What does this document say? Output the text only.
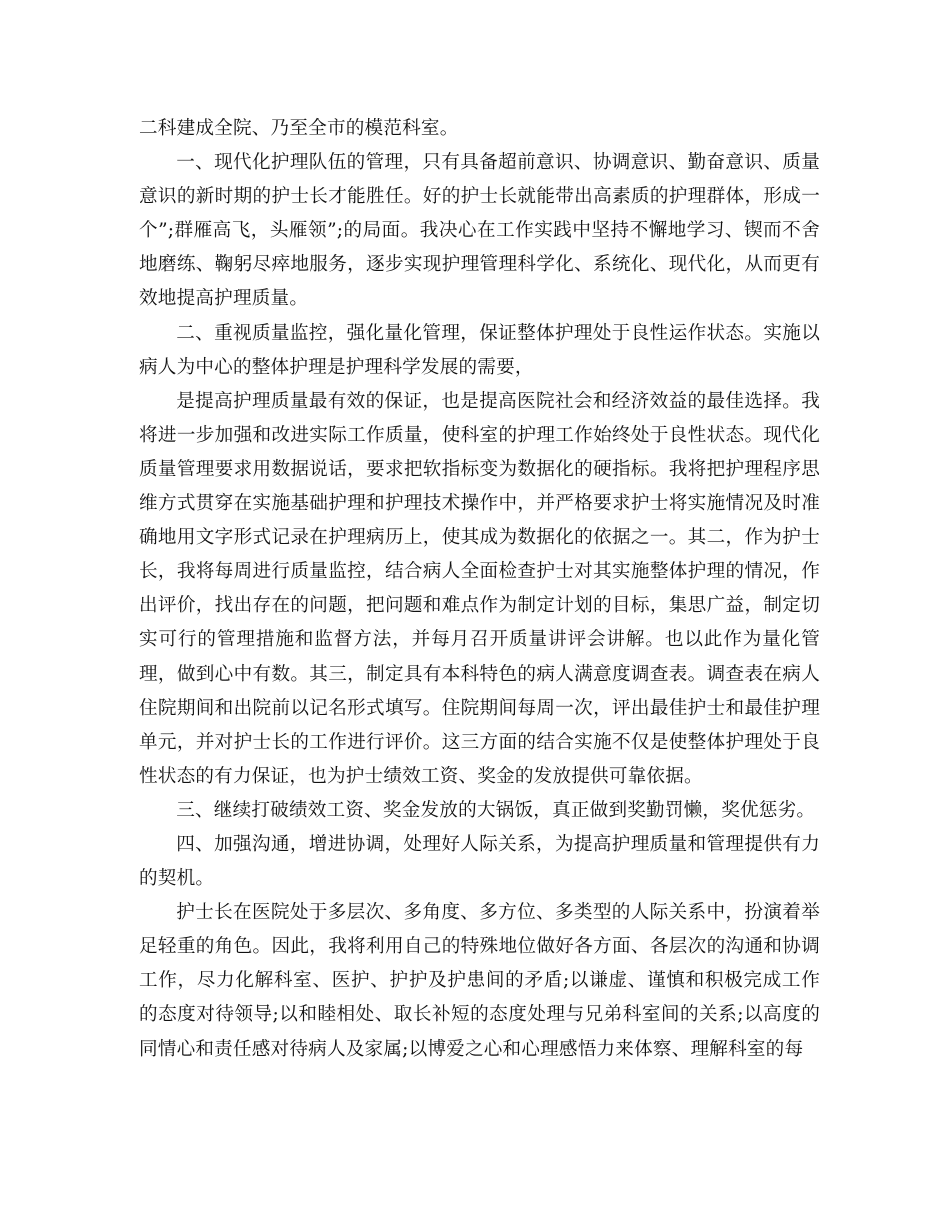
二科建成全院、乃至全市的模范科室。

一、现代化护理队伍的管理，只有具备超前意识、协调意识、勤奋意识、质量意识的新时期的护士长才能胜任。好的护士长就能带出高素质的护理群体，形成一个”;群雁高飞，头雁领”;的局面。我决心在工作实践中坚持不懈地学习、锲而不舍地磨练、鞠躬尽瘁地服务，逐步实现护理管理科学化、系统化、现代化，从而更有效地提高护理质量。

二、重视质量监控，强化量化管理，保证整体护理处于良性运作状态。实施以病人为中心的整体护理是护理科学发展的需要，

是提高护理质量最有效的保证，也是提高医院社会和经济效益的最佳选择。我将进一步加强和改进实际工作质量，使科室的护理工作始终处于良性状态。现代化质量管理要求用数据说话，要求把软指标变为数据化的硬指标。我将把护理程序思维方式贯穿在实施基础护理和护理技术操作中，并严格要求护士将实施情况及时准确地用文字形式记录在护理病历上，使其成为数据化的依据之一。其二，作为护士长，我将每周进行质量监控，结合病人全面检查护士对其实施整体护理的情况，作出评价，找出存在的问题，把问题和难点作为制定计划的目标，集思广益，制定切实可行的管理措施和监督方法，并每月召开质量讲评会讲解。也以此作为量化管理，做到心中有数。其三，制定具有本科特色的病人满意度调查表。调查表在病人住院期间和出院前以记名形式填写。住院期间每周一次，评出最佳护士和最佳护理单元，并对护士长的工作进行评价。这三方面的结合实施不仅是使整体护理处于良性状态的有力保证，也为护士绩效工资、奖金的发放提供可靠依据。

三、继续打破绩效工资、奖金发放的大锅饭，真正做到奖勤罚懒，奖优惩劣。

四、加强沟通，增进协调，处理好人际关系，为提高护理质量和管理提供有力的契机。

护士长在医院处于多层次、多角度、多方位、多类型的人际关系中，扮演着举足轻重的角色。因此，我将利用自己的特殊地位做好各方面、各层次的沟通和协调工作，尽力化解科室、医护、护护及护患间的矛盾;以谦虚、谨慎和积极完成工作的态度对待领导;以和睦相处、取长补短的态度处理与兄弟科室间的关系;以高度的同情心和责任感对待病人及家属;以博爱之心和心理感悟力来体察、理解科室的每
